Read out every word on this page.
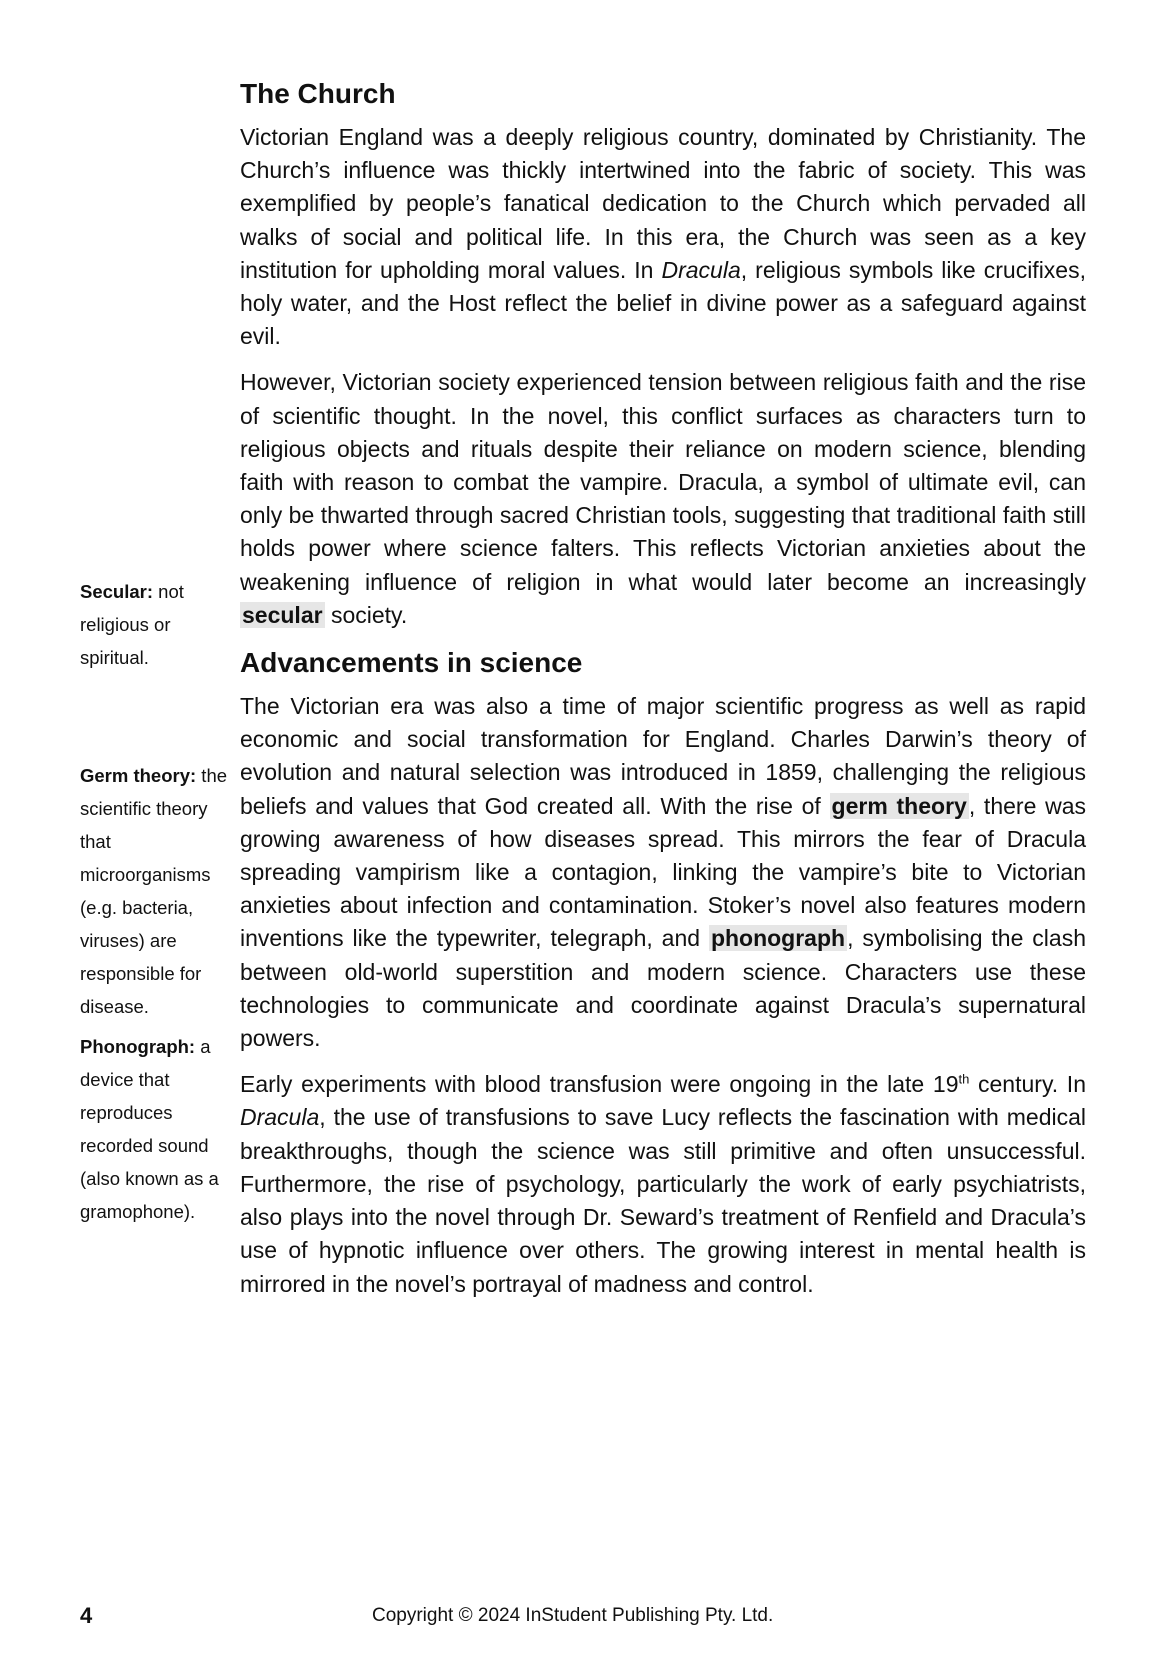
The Church

Victorian England was a deeply religious country, dominated by Christianity. The Church’s influence was thickly intertwined into the fabric of society. This was exemplified by people’s fanatical dedication to the Church which pervaded all walks of social and political life. In this era, the Church was seen as a key institution for upholding moral values. In Dracula, religious symbols like crucifixes, holy water, and the Host reflect the belief in divine power as a safeguard against evil.

However, Victorian society experienced tension between religious faith and the rise of scientific thought. In the novel, this conflict surfaces as characters turn to religious objects and rituals despite their reliance on modern science, blending faith with reason to combat the vampire. Dracula, a symbol of ultimate evil, can only be thwarted through sacred Christian tools, suggesting that traditional faith still holds power where science falters. This reflects Victorian anxieties about the weakening influence of religion in what would later become an increasingly secular society.

Advancements in science

The Victorian era was also a time of major scientific progress as well as rapid economic and social transformation for England. Charles Darwin’s theory of evolution and natural selection was introduced in 1859, challenging the religious beliefs and values that God created all. With the rise of germ theory, there was growing awareness of how diseases spread. This mirrors the fear of Dracula spreading vampirism like a contagion, linking the vampire’s bite to Victorian anxieties about infection and contamination. Stoker’s novel also features modern inventions like the typewriter, telegraph, and phonograph, symbolising the clash between old-world superstition and modern science. Characters use these technologies to communicate and coordinate against Dracula’s supernatural powers.

Early experiments with blood transfusion were ongoing in the late 19th century. In Dracula, the use of transfusions to save Lucy reflects the fascination with medical breakthroughs, though the science was still primitive and often unsuccessful. Furthermore, the rise of psychology, particularly the work of early psychiatrists, also plays into the novel through Dr. Seward’s treatment of Renfield and Dracula’s use of hypnotic influence over others. The growing interest in mental health is mirrored in the novel’s portrayal of madness and control.

Secular: not religious or spiritual.
Germ theory: the scientific theory that microorganisms (e.g. bacteria, viruses) are responsible for disease.
Phonograph: a device that reproduces recorded sound (also known as a gramophone).
4	Copyright © 2024 InStudent Publishing Pty. Ltd.
